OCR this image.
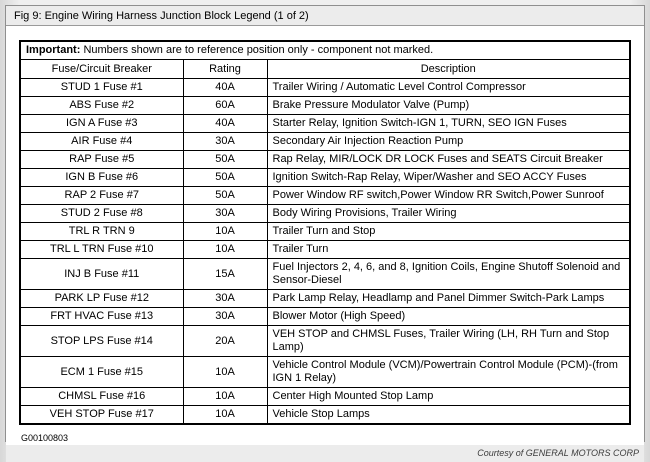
Fig 9: Engine Wiring Harness Junction Block Legend (1 of 2)
Important: Numbers shown are to reference position only - component not marked.		
Fuse/Circuit Breaker	Rating	Description
STUD 1 Fuse #1	40A	Trailer Wiring / Automatic Level Control Compressor
ABS Fuse #2	60A	Brake Pressure Modulator Valve (Pump)
IGN A Fuse #3	40A	Starter Relay, Ignition Switch-IGN 1, TURN, SEO IGN Fuses
AIR Fuse #4	30A	Secondary Air Injection Reaction Pump
RAP Fuse #5	50A	Rap Relay, MIR/LOCK DR LOCK Fuses and SEATS Circuit Breaker
IGN B Fuse #6	50A	Ignition Switch-Rap Relay, Wiper/Washer and SEO ACCY Fuses
RAP 2 Fuse #7	50A	Power Window RF switch,Power Window RR Switch,Power Sunroof
STUD 2 Fuse #8	30A	Body Wiring Provisions, Trailer Wiring
TRL R TRN 9	10A	Trailer Turn and Stop
TRL L TRN Fuse #10	10A	Trailer Turn
INJ B Fuse #11	15A	Fuel Injectors 2, 4, 6, and 8, Ignition Coils, Engine Shutoff Solenoid and Sensor-Diesel
PARK LP Fuse #12	30A	Park Lamp Relay, Headlamp and Panel Dimmer Switch-Park Lamps
FRT HVAC Fuse #13	30A	Blower Motor (High Speed)
STOP LPS Fuse #14	20A	VEH STOP and CHMSL Fuses, Trailer Wiring (LH, RH Turn and Stop Lamp)
ECM 1 Fuse #15	10A	Vehicle Control Module (VCM)/Powertrain Control Module (PCM)-(from IGN 1 Relay)
CHMSL Fuse #16	10A	Center High Mounted Stop Lamp
VEH STOP Fuse #17	10A	Vehicle Stop Lamps
G00100803
Courtesy of GENERAL MOTORS CORP
